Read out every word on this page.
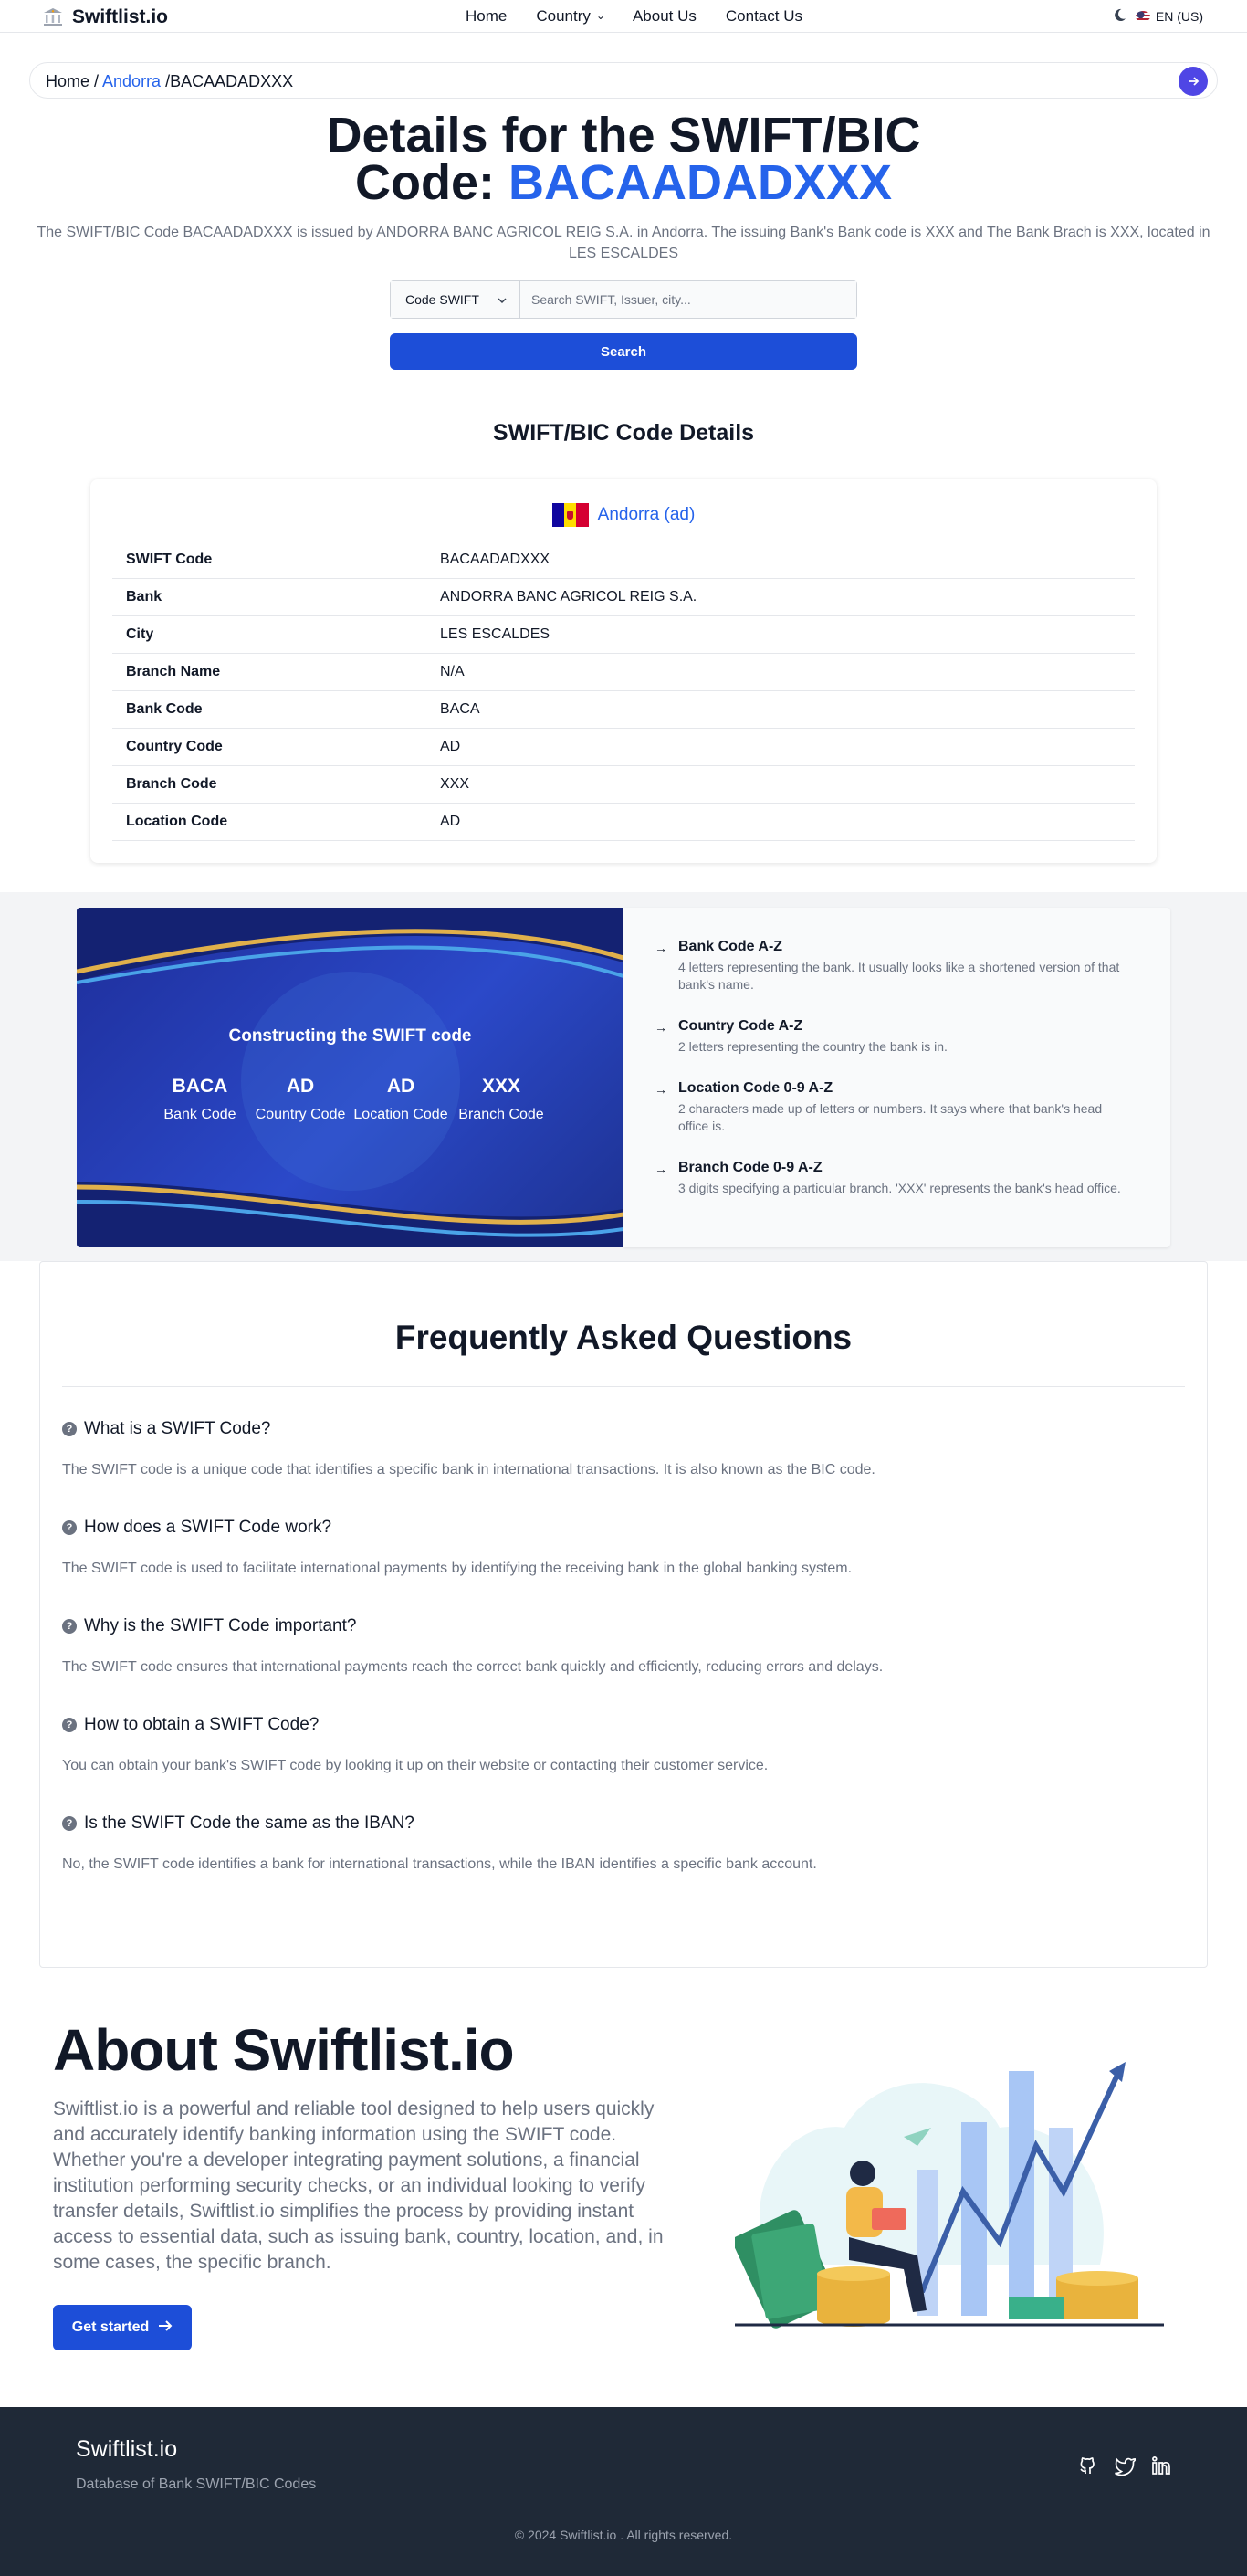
Swiftlist.io	Home Country ⌄ About Us Contact Us	EN (US)
Home / Andorra /BACAADADXXX
Details for the SWIFT/BIC
Code: BACAADADXXX
The SWIFT/BIC Code BACAADADXXX is issued by ANDORRA BANC AGRICOL REIG S.A. in Andorra. The issuing Bank's Bank code is XXX and The Bank Brach is XXX, located in LES ESCALDES
Code SWIFT
Search SWIFT, Issuer, city...
Search
SWIFT/BIC Code Details
Andorra (ad)
SWIFT Code	BACAADADXXX
Bank	ANDORRA BANC AGRICOL REIG S.A.
City	LES ESCALDES
Branch Name	N/A
Bank Code	BACA
Country Code	AD
Branch Code	XXX
Location Code	AD
Constructing the SWIFT code
BACA
Bank Code
AD
Country Code
AD
Location Code
XXX
Branch Code
→ Bank Code A-Z

4 letters representing the bank. It usually looks like a shortened version of that bank's name.

→ Country Code A-Z

2 letters representing the country the bank is in.

→ Location Code 0-9 A-Z

2 characters made up of letters or numbers. It says where that bank's head office is.

→ Branch Code 0-9 A-Z

3 digits specifying a particular branch. 'XXX' represents the bank's head office.

Frequently Asked Questions
? What is a SWIFT Code?
The SWIFT code is a unique code that identifies a specific bank in international transactions. It is also known as the BIC code.
? How does a SWIFT Code work?
The SWIFT code is used to facilitate international payments by identifying the receiving bank in the global banking system.
? Why is the SWIFT Code important?
The SWIFT code ensures that international payments reach the correct bank quickly and efficiently, reducing errors and delays.
? How to obtain a SWIFT Code?
You can obtain your bank's SWIFT code by looking it up on their website or contacting their customer service.
? Is the SWIFT Code the same as the IBAN?
No, the SWIFT code identifies a bank for international transactions, while the IBAN identifies a specific bank account.
About Swiftlist.io

Swiftlist.io is a powerful and reliable tool designed to help users quickly and accurately identify banking information using the SWIFT code. Whether you're a developer integrating payment solutions, a financial institution performing security checks, or an individual looking to verify transfer details, Swiftlist.io simplifies the process by providing instant access to essential data, such as issuing bank, country, location, and, in some cases, the specific branch.

Get started
Swiftlist.io
Database of Bank SWIFT/BIC Codes
© 2024 Swiftlist.io . All rights reserved.
